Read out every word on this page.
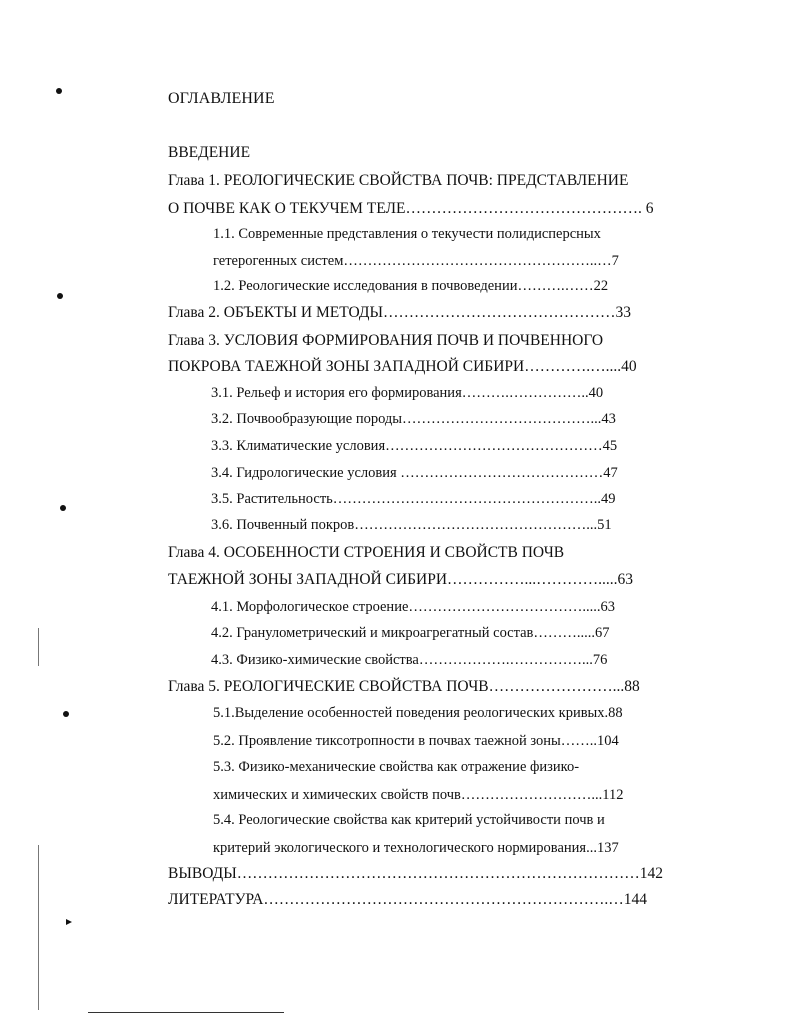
ОГЛАВЛЕНИЕ
ВВЕДЕНИЕ
Глава 1. РЕОЛОГИЧЕСКИЕ СВОЙСТВА ПОЧВ: ПРЕДСТАВЛЕНИЕ
О ПОЧВЕ КАК О ТЕКУЧЕМ ТЕЛЕ………………………………………. 6
1.1. Современные представления о текучести полидисперсных
гетерогенных систем……………………………………………..…7
1.2. Реологические исследования в почвоведении……….……22
Глава 2. ОБЪЕКТЫ И МЕТОДЫ………………………………………33
Глава 3. УСЛОВИЯ ФОРМИРОВАНИЯ ПОЧВ И ПОЧВЕННОГО
ПОКРОВА ТАЕЖНОЙ ЗОНЫ ЗАПАДНОЙ СИБИРИ………….…....40
3.1. Рельеф и история его формирования……….……………..40
3.2. Почвообразующие породы…………………………………...43
3.3. Климатические условия………………………………………45
3.4. Гидрологические условия ……………………………………47
3.5. Растительность………………………………………………..49
3.6. Почвенный покров…………………………………………...51
Глава 4. ОСОБЕННОСТИ СТРОЕНИЯ И СВОЙСТВ ПОЧВ
ТАЕЖНОЙ ЗОНЫ ЗАПАДНОЙ СИБИРИ……………...………….....63
4.1. Морфологическое строение……………………………….....63
4.2. Гранулометрический и микроагрегатный состав……….....67
4.3. Физико-химические свойства……………….……………...76
Глава 5. РЕОЛОГИЧЕСКИЕ СВОЙСТВА ПОЧВ……………………...88
5.1.Выделение особенностей поведения реологических кривых.88
5.2. Проявление тиксотропности в почвах таежной зоны……..104
5.3. Физико-механические свойства как отражение физико-
химических и химических свойств почв………………………...112
5.4. Реологические свойства как критерий устойчивости почв и
критерий экологического и технологического нормирования...137
ВЫВОДЫ……………………………………………………………………142
ЛИТЕРАТУРА………………………………………………………….…144
